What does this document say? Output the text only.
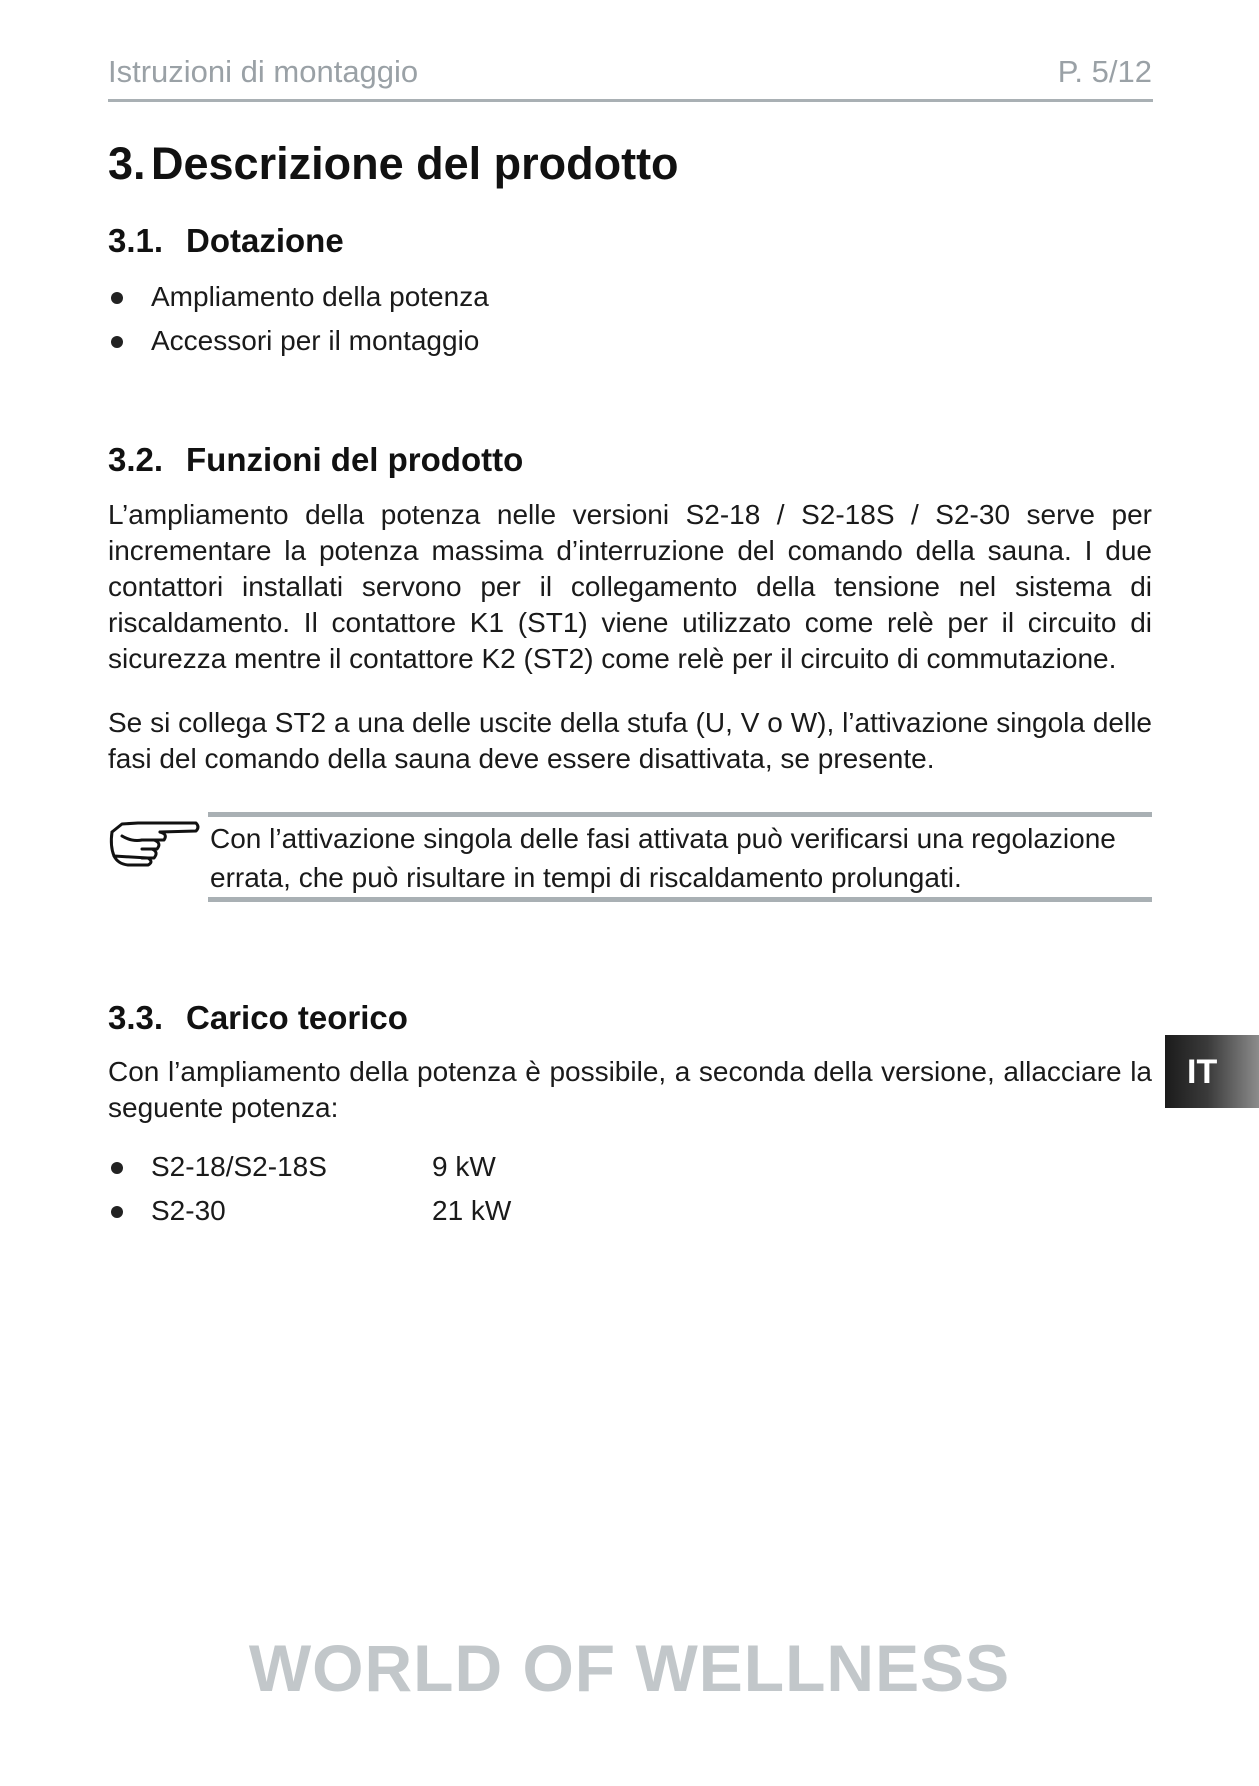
Istruzioni di montaggio	P. 5/12
3. Descrizione del prodotto
3.1. Dotazione
Ampliamento della potenza
Accessori per il montaggio
3.2. Funzioni del prodotto
L’ampliamento della potenza nelle versioni S2-18 / S2-18S / S2-30 serve per incrementare la potenza massima d’interruzione del comando della sauna. I due contattori installati servono per il collegamento della tensione nel sistema di riscaldamento. Il contattore K1 (ST1) viene utilizzato come relè per il circuito di sicurezza mentre il contattore K2 (ST2) come relè per il circuito di commutazione.
Se si collega ST2 a una delle uscite della stufa (U, V o W), l’attivazione singola delle fasi del comando della sauna deve essere disattivata, se presente.
Con l’attivazione singola delle fasi attivata può verificarsi una regolazione errata, che può risultare in tempi di riscaldamento prolungati.
3.3. Carico teorico
Con l’ampliamento della potenza è possibile, a seconda della versione, allacciare la seguente potenza:
S2-18/S2-18S	9 kW
S2-30	21 kW
IT
WORLD OF WELLNESS
